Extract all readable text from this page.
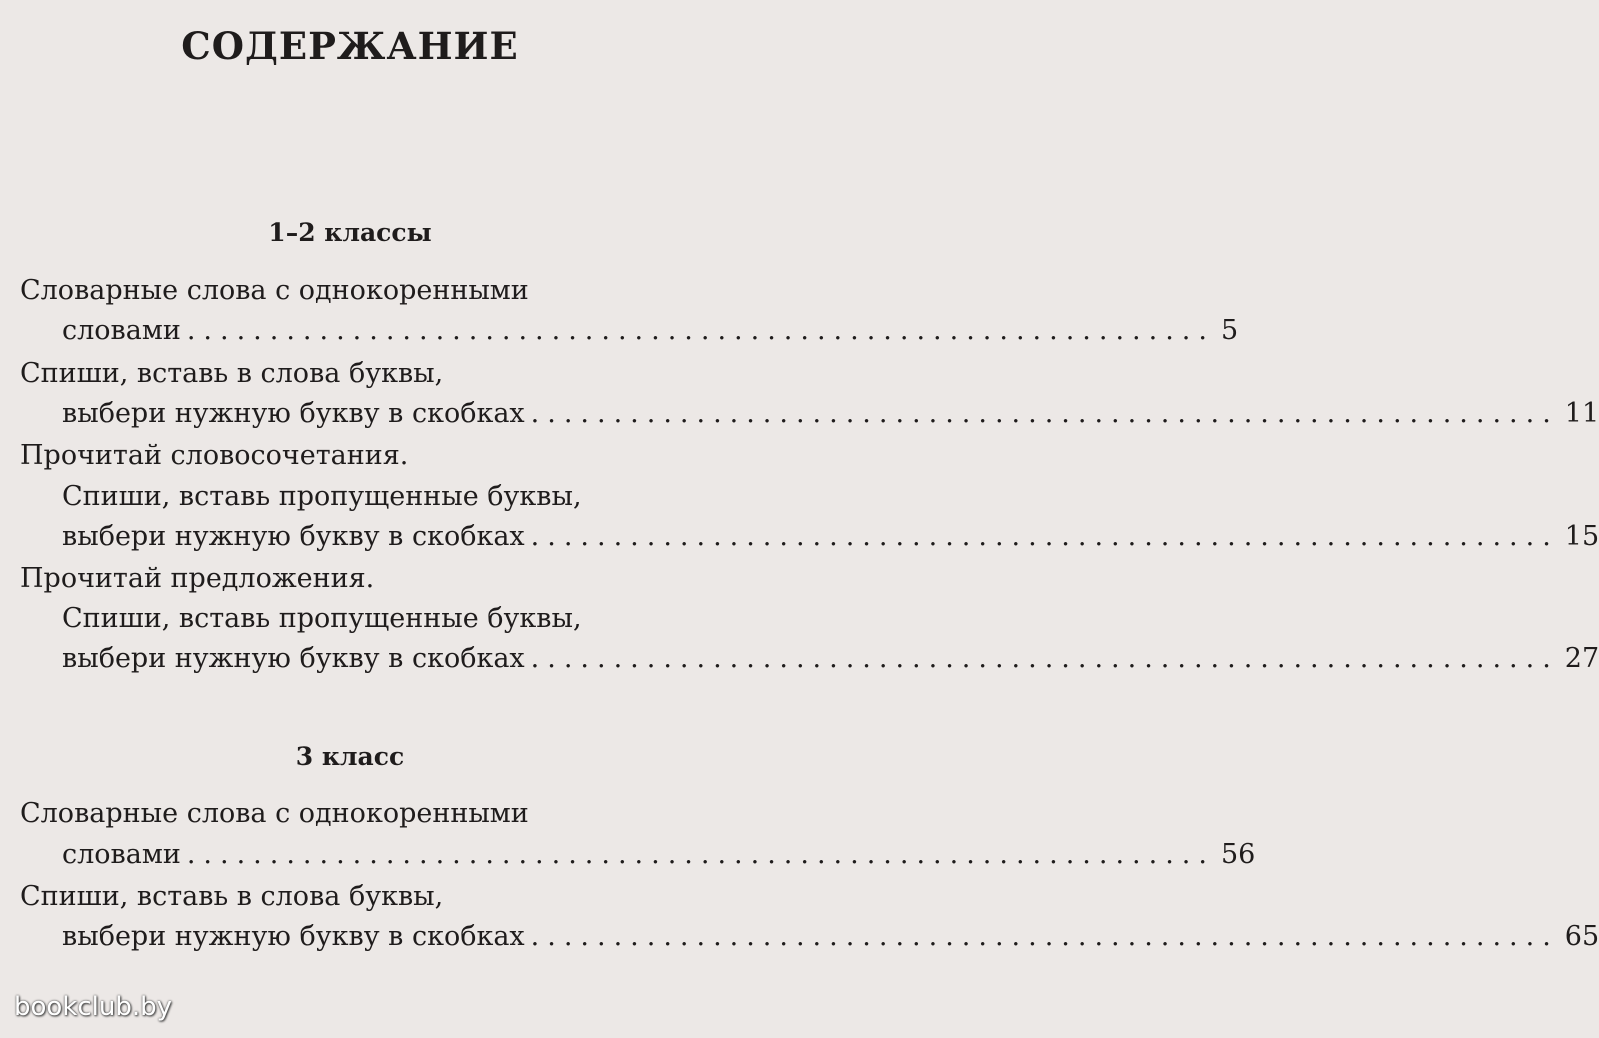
СОДЕРЖАНИЕ
1–2 классы
Словарные слова с однокоренными
словами .............................................................. 5
Спиши, вставь в слова буквы,
выбери нужную букву в скобках .............................................................. 11
Прочитай словосочетания.
Спиши, вставь пропущенные буквы,
выбери нужную букву в скобках .............................................................. 15
Прочитай предложения.
Спиши, вставь пропущенные буквы,
выбери нужную букву в скобках .............................................................. 27
3 класс
Словарные слова с однокоренными
словами .............................................................. 56
Спиши, вставь в слова буквы,
выбери нужную букву в скобках .............................................................. 65
bookclub.by
